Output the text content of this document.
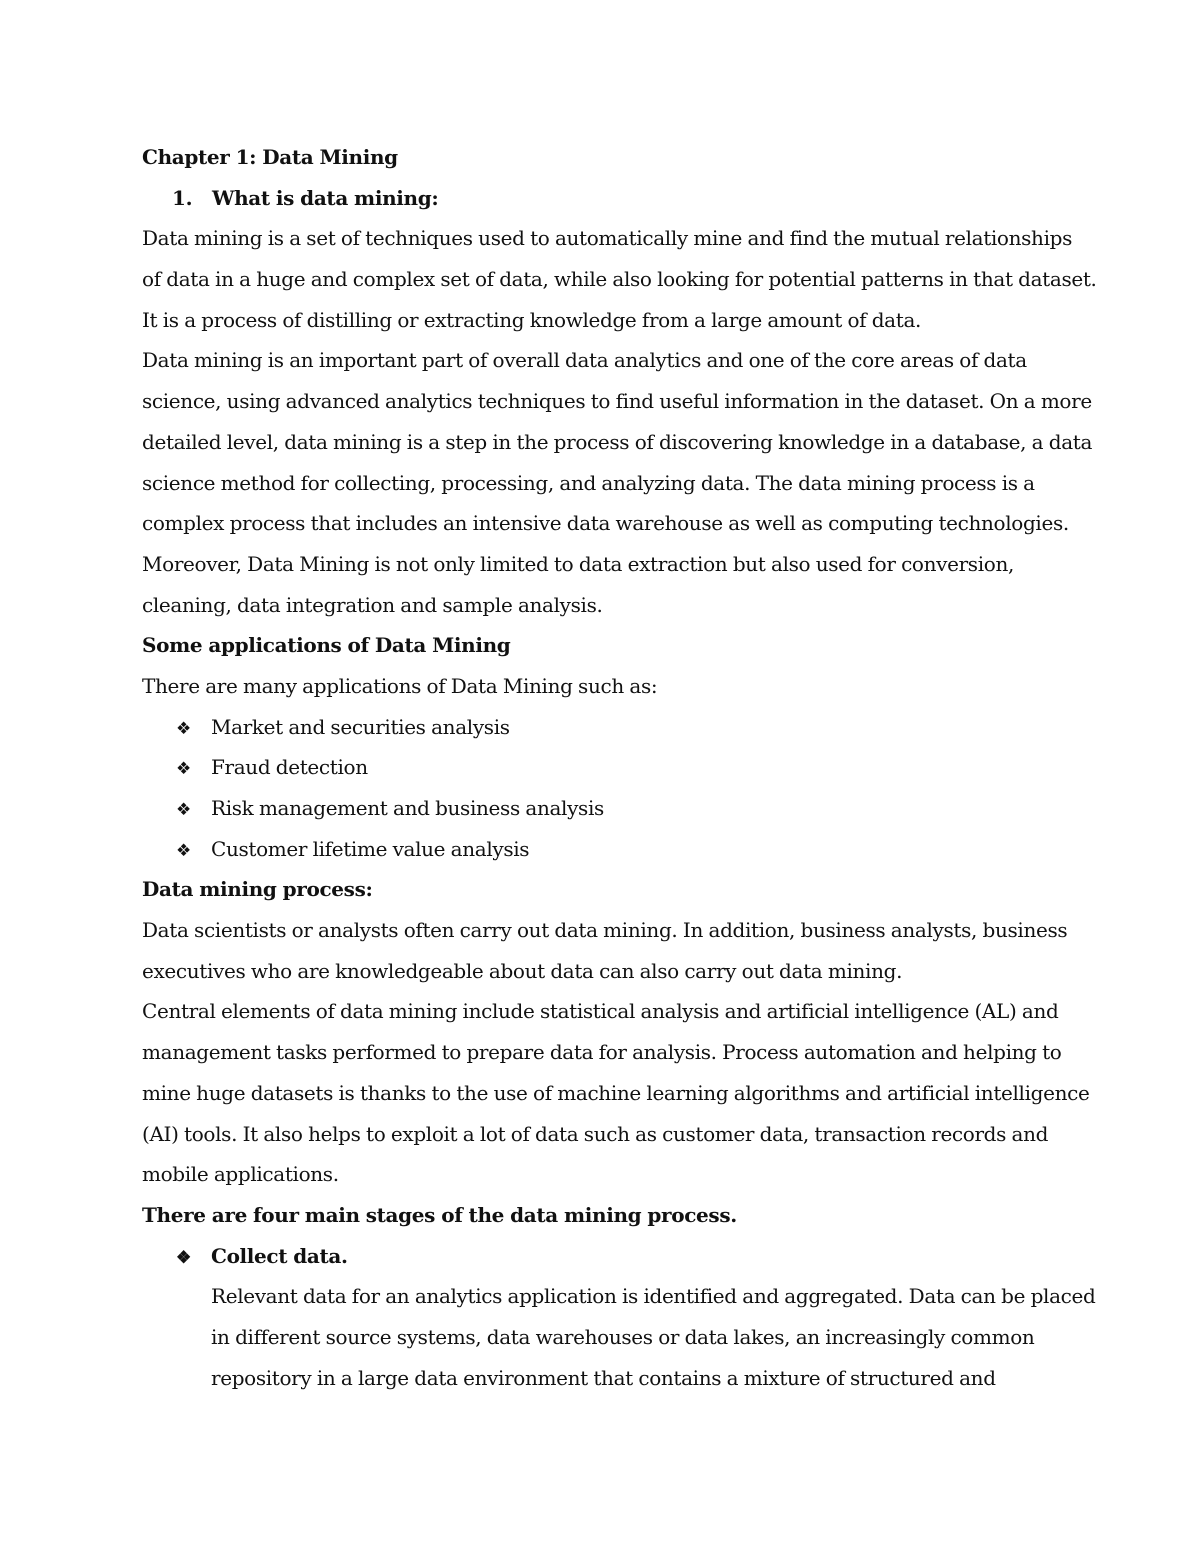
Chapter 1: Data Mining
1. What is data mining:
Data mining is a set of techniques used to automatically mine and find the mutual relationships
of data in a huge and complex set of data, while also looking for potential patterns in that dataset.
It is a process of distilling or extracting knowledge from a large amount of data.
Data mining is an important part of overall data analytics and one of the core areas of data
science, using advanced analytics techniques to find useful information in the dataset. On a more
detailed level, data mining is a step in the process of discovering knowledge in a database, a data
science method for collecting, processing, and analyzing data. The data mining process is a
complex process that includes an intensive data warehouse as well as computing technologies.
Moreover, Data Mining is not only limited to data extraction but also used for conversion,
cleaning, data integration and sample analysis.
Some applications of Data Mining
There are many applications of Data Mining such as:
❖ Market and securities analysis
❖ Fraud detection
❖ Risk management and business analysis
❖ Customer lifetime value analysis
Data mining process:
Data scientists or analysts often carry out data mining. In addition, business analysts, business
executives who are knowledgeable about data can also carry out data mining.
Central elements of data mining include statistical analysis and artificial intelligence (AL) and
management tasks performed to prepare data for analysis. Process automation and helping to
mine huge datasets is thanks to the use of machine learning algorithms and artificial intelligence
(AI) tools. It also helps to exploit a lot of data such as customer data, transaction records and
mobile applications.
There are four main stages of the data mining process.
❖ Collect data.
Relevant data for an analytics application is identified and aggregated. Data can be placed
in different source systems, data warehouses or data lakes, an increasingly common
repository in a large data environment that contains a mixture of structured and
